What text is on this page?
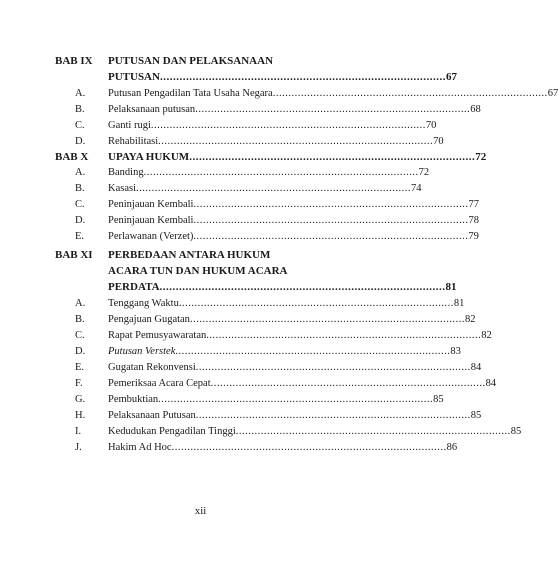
BAB IX PUTUSAN DAN PELAKSANAAN
PUTUSAN ........................................................................................ 67
A. Putusan Pengadilan Tata Usaha Negara ........................................................................................ 67
B. Pelaksanaan putusan ........................................................................................ 68
C. Ganti rugi ........................................................................................ 70
D. Rehabilitasi ........................................................................................ 70
BAB X UPAYA HUKUM ........................................................................................ 72
A. Banding ........................................................................................ 72
B. Kasasi ........................................................................................ 74
C. Peninjauan Kembali ........................................................................................ 77
D. Peninjauan Kembali ........................................................................................ 78
E. Perlawanan (Verzet) ........................................................................................ 79
BAB XI PERBEDAAN ANTARA HUKUM
ACARA TUN DAN HUKUM ACARA
PERDATA ........................................................................................ 81
A. Tenggang Waktu ........................................................................................ 81
B. Pengajuan Gugatan ........................................................................................ 82
C. Rapat Pemusyawaratan ........................................................................................ 82
D. Putusan Verstek ........................................................................................ 83
E. Gugatan Rekonvensi ........................................................................................ 84
F. Pemeriksaa Acara Cepat ........................................................................................ 84
G. Pembuktian ........................................................................................ 85
H. Pelaksanaan Putusan ........................................................................................ 85
I.	Kedudukan Pengadilan Tinggi ........................................................................................ 85
J.	Hakim Ad Hoc ........................................................................................ 86
xii
